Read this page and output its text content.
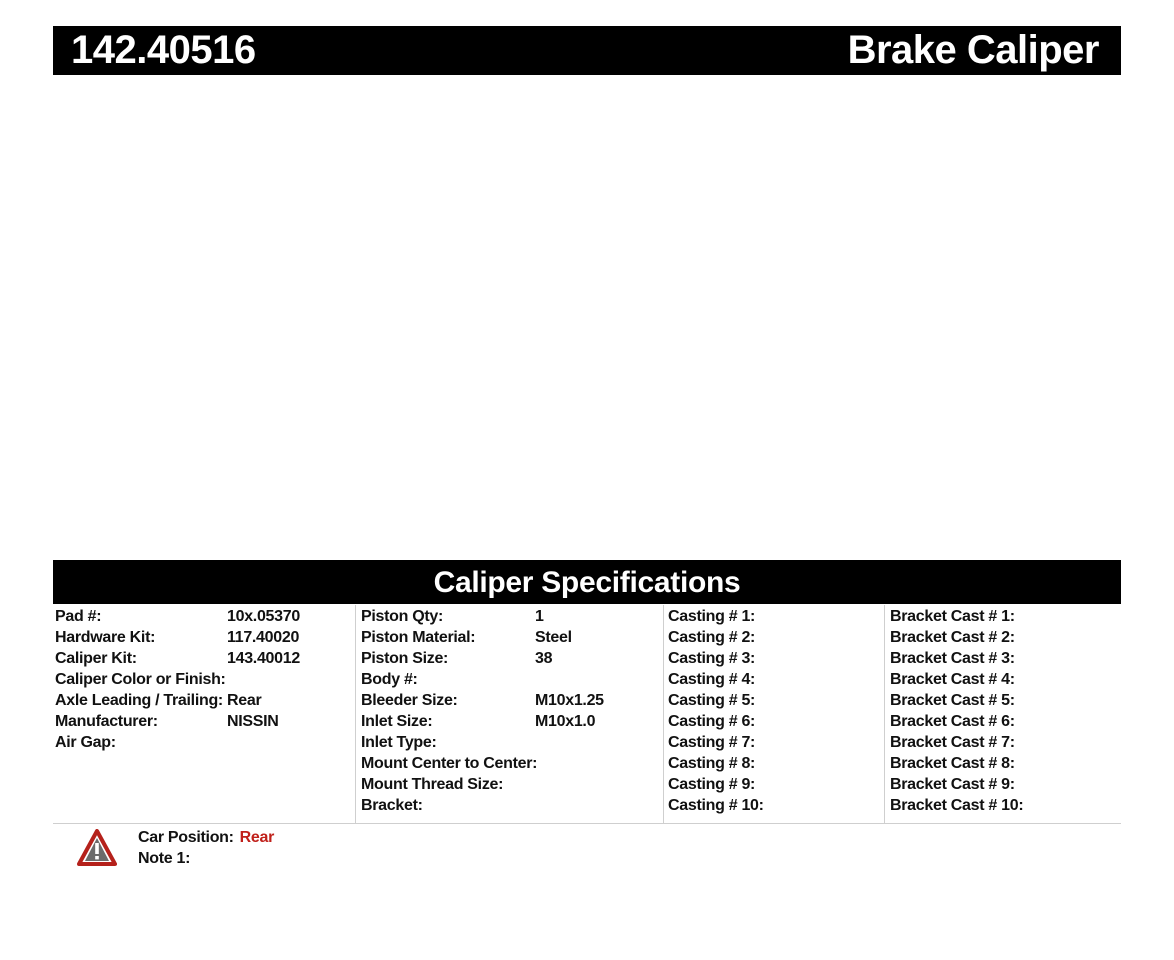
142.40516	Brake Caliper
Caliper Specifications
Pad #:	10x.05370
Hardware Kit:	117.40020
Caliper Kit:	143.40012
Caliper Color or Finish:
Axle Leading / Trailing: Rear
Manufacturer:	NISSIN
Air Gap:
Piston Qty:	1
Piston Material:	Steel
Piston Size:	38
Body #:
Bleeder Size:	M10x1.25
Inlet Size:	M10x1.0
Inlet Type:
Mount Center to Center:
Mount Thread Size:
Bracket:
Casting # 1:
Casting # 2:
Casting # 3:
Casting # 4:
Casting # 5:
Casting # 6:
Casting # 7:
Casting # 8:
Casting # 9:
Casting # 10:
Bracket Cast # 1:
Bracket Cast # 2:
Bracket Cast # 3:
Bracket Cast # 4:
Bracket Cast # 5:
Bracket Cast # 6:
Bracket Cast # 7:
Bracket Cast # 8:
Bracket Cast # 9:
Bracket Cast # 10:
Car Position: Rear
Note 1:
